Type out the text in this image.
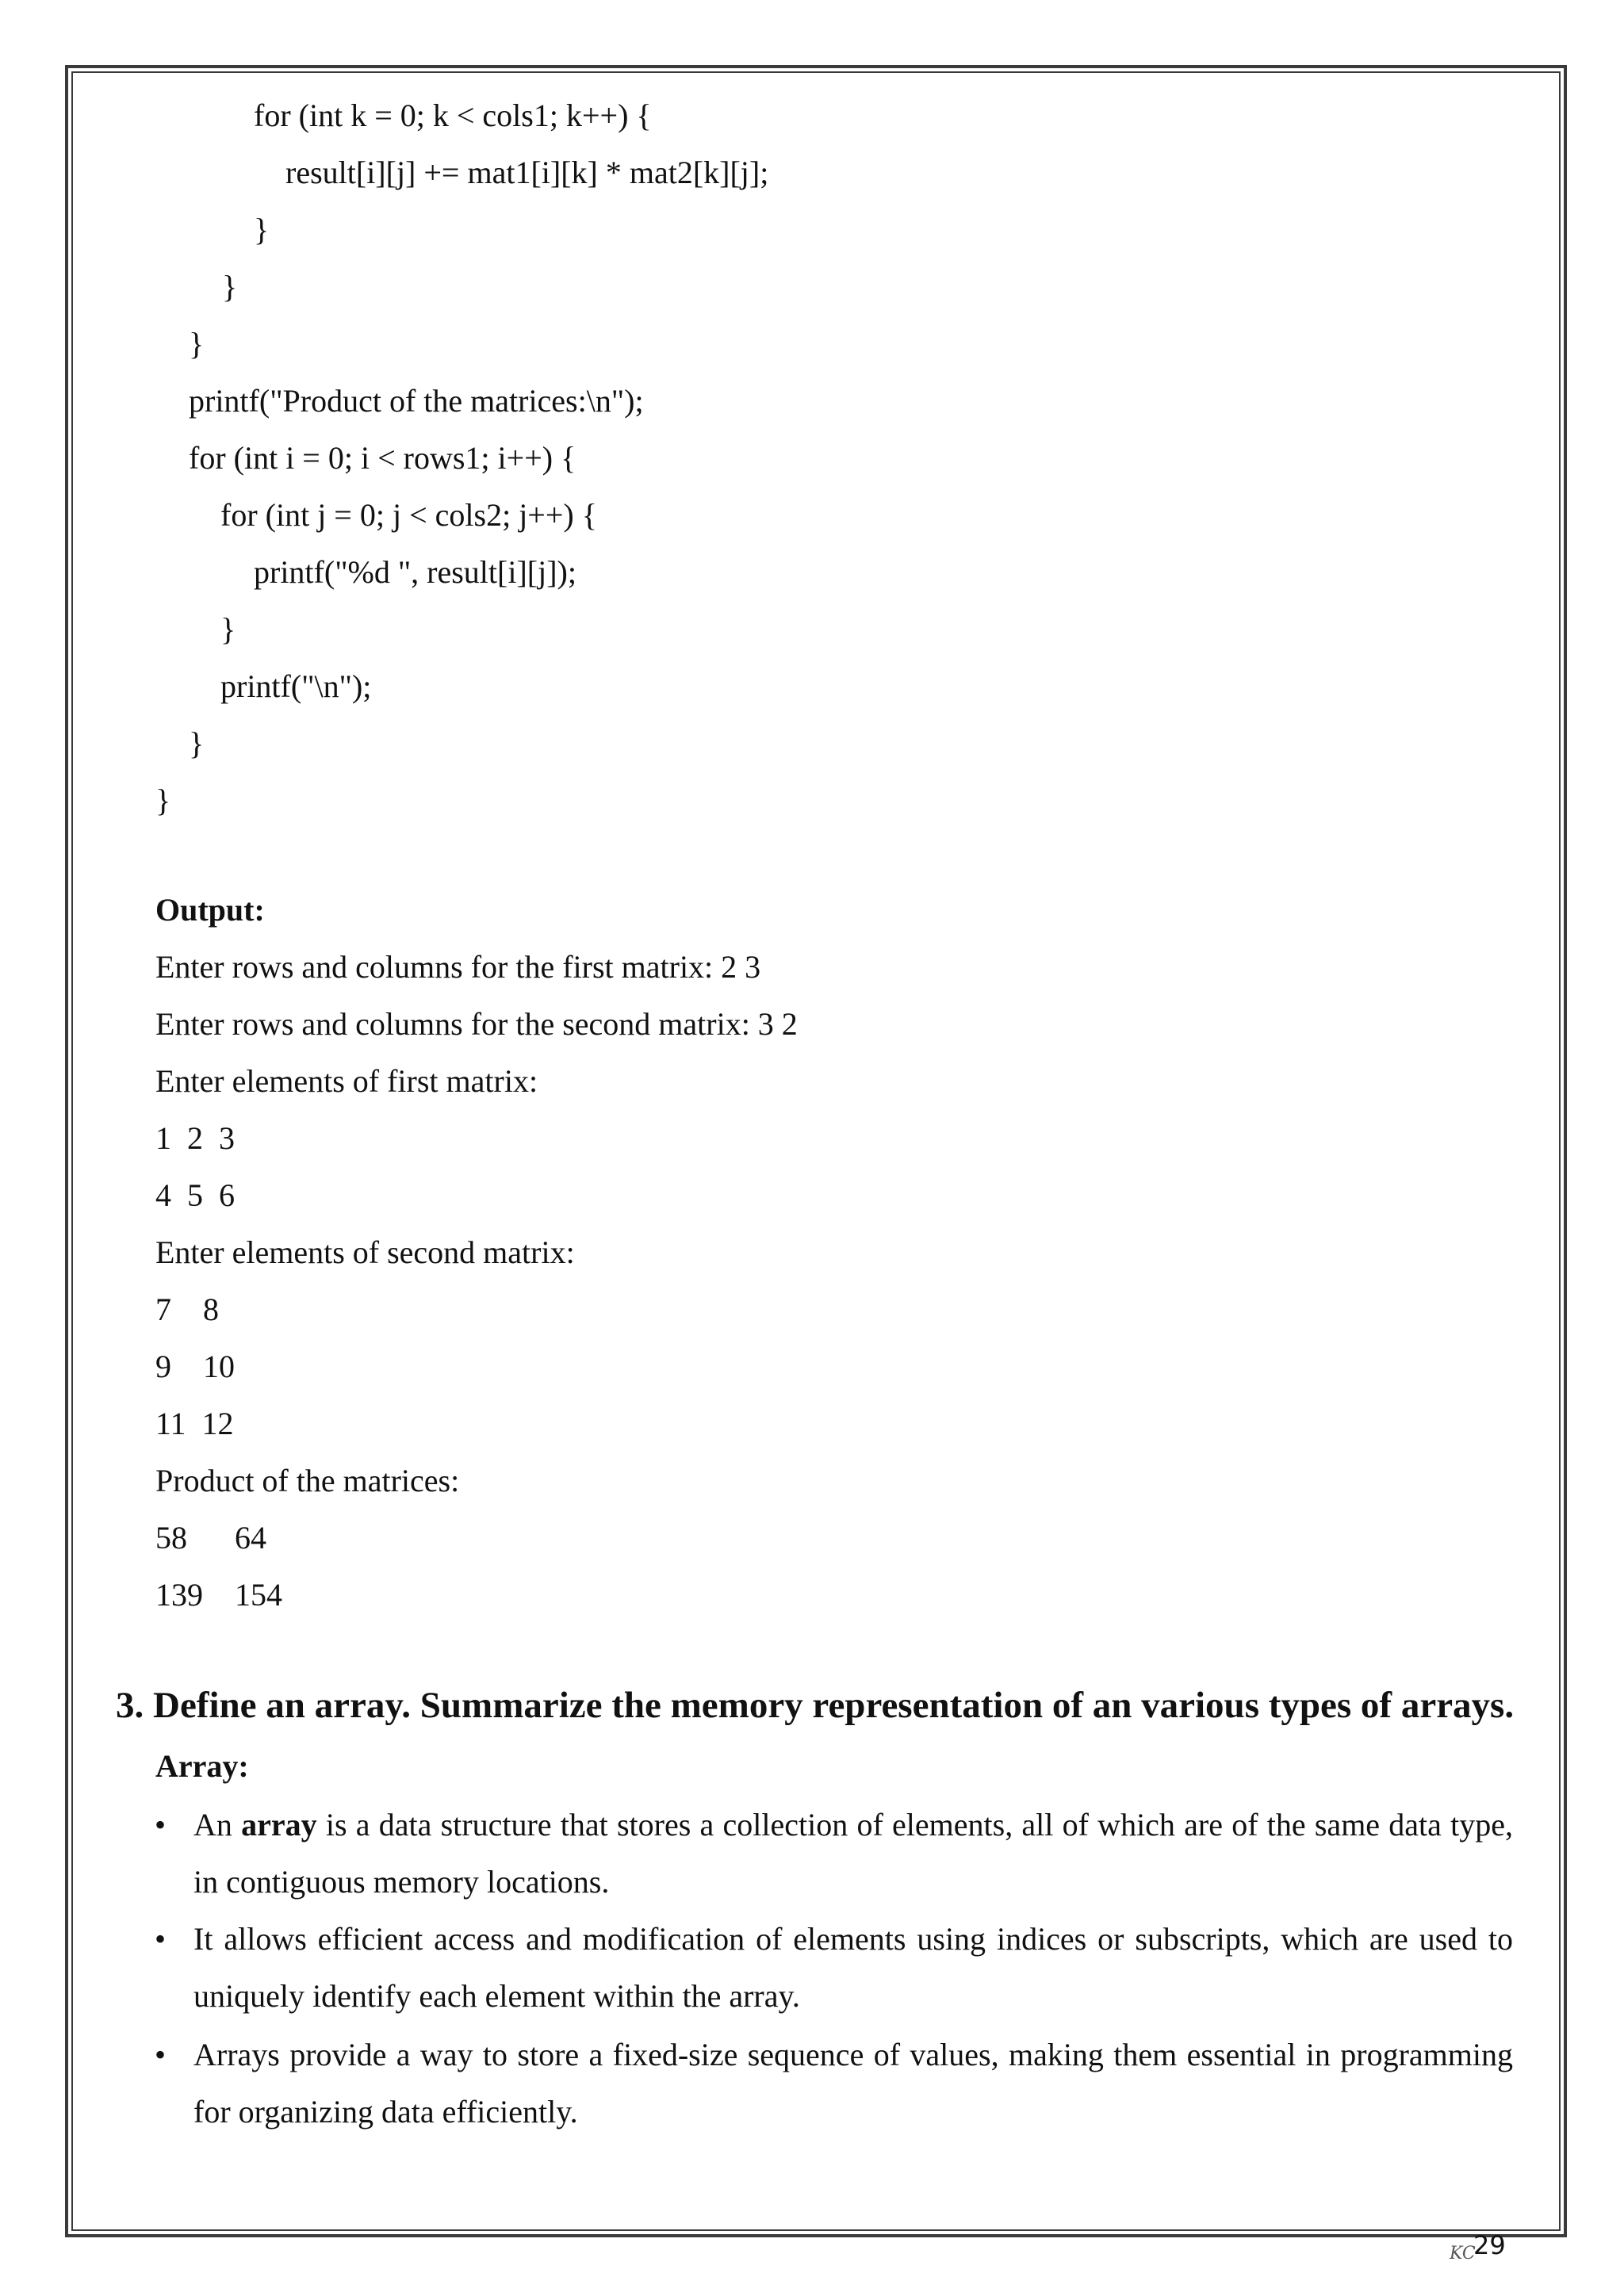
for (int k = 0; k < cols1; k++) {
result[i][j] += mat1[i][k] * mat2[k][j];
}
}
}
printf("Product of the matrices:\n");
for (int i = 0; i < rows1; i++) {
for (int j = 0; j < cols2; j++) {
printf("%d ", result[i][j]);
}
printf("\n");
}
}
Output:
Enter rows and columns for the first matrix: 2 3
Enter rows and columns for the second matrix: 3 2
Enter elements of first matrix:
1  2  3
4  5  6
Enter elements of second matrix:
7    8
9    10
11  12
Product of the matrices:
58      64
139    154
3. Define an array. Summarize the memory representation of an various types of arrays.
Array:
• An array is a data structure that stores a collection of elements, all of which are of the same data type, in contiguous memory locations.
• It allows efficient access and modification of elements using indices or subscripts, which are used to uniquely identify each element within the array.
• Arrays provide a way to store a fixed-size sequence of values, making them essential in programming for organizing data efficiently.
KC
29
